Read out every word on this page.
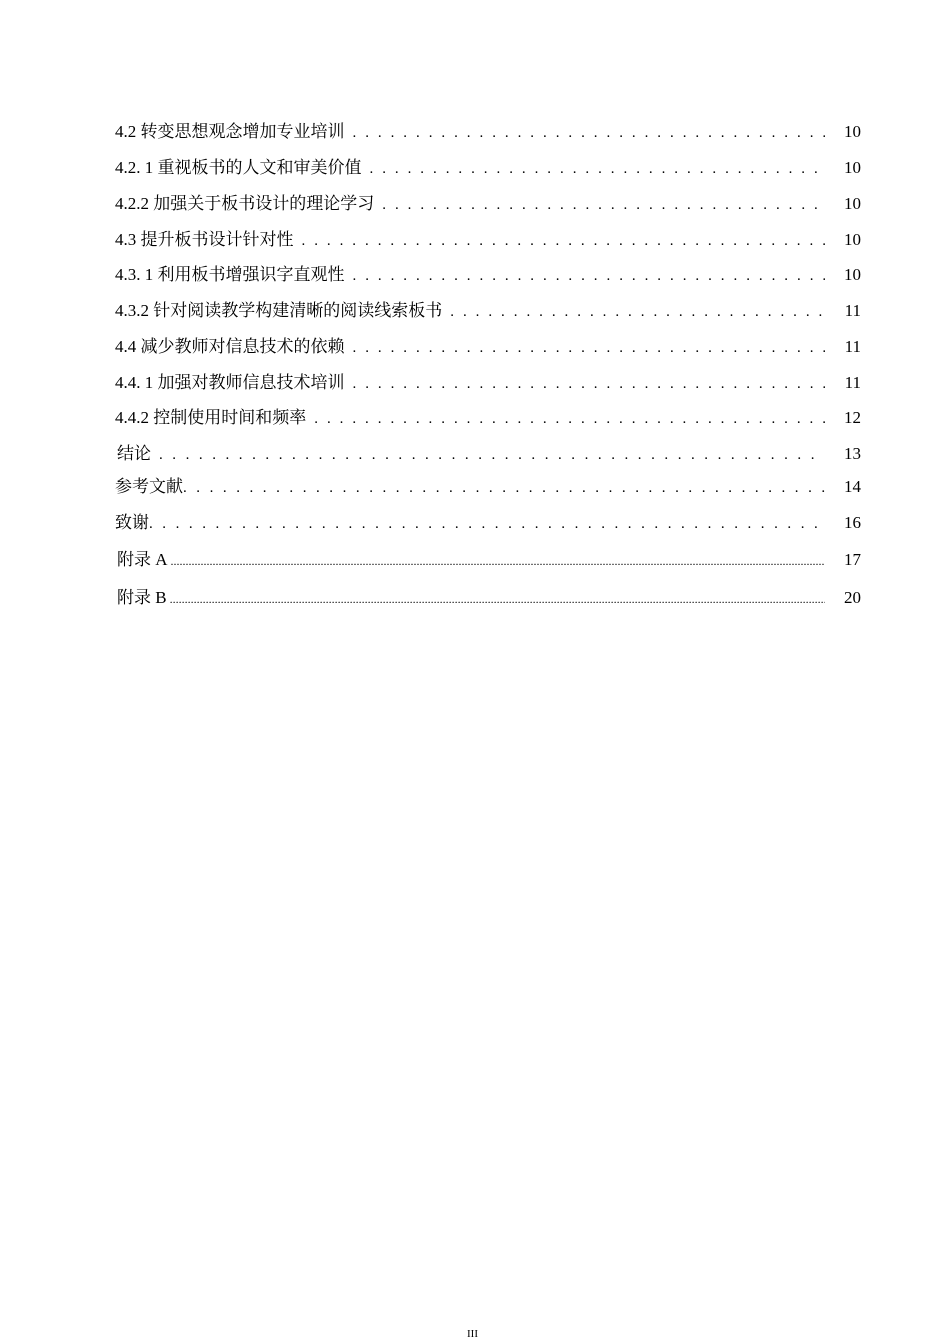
4.2 转变思想观念增加专业培训 . . .	10
4.2. 1 重视板书的人文和审美价值 . . .	10
4.2.2 加强关于板书设计的理论学习 . . .	10
4.3 提升板书设计针对性 . . .	10
4.3. 1 利用板书增强识字直观性 . . .	10
4.3.2 针对阅读教学构建清晰的阅读线索板书 . . .	11
4.4 减少教师对信息技术的依赖 . . .	11
4.4. 1 加强对教师信息技术培训 . . .	11
4.4.2 控制使用时间和频率 . . .	12
结论 . . .	13
参考文献 . . .	14
致谢 . . .	16
附录 A .....	17
附录 B .....	20
III
